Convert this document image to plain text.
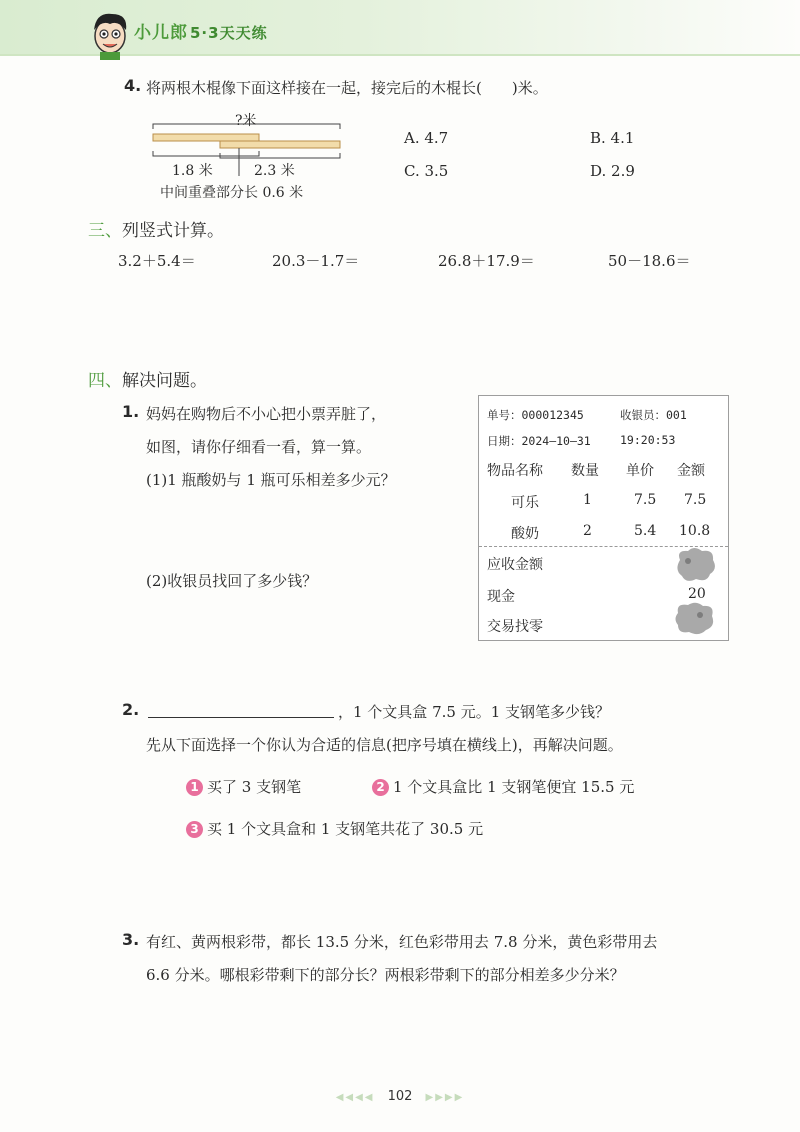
小儿郎 5·3天天练
4. 将两根木棍像下面这样接在一起，接完后的木棍长(　　)米。
?米
1.8 米	2.3 米
中间重叠部分长 0.6 米
A. 4.7	B. 4.1
C. 3.5	D. 2.9
三、列竖式计算。
3.2＋5.4＝	20.3－1.7＝	26.8＋17.9＝	50－18.6＝
四、解决问题。
1. 妈妈在购物后不小心把小票弄脏了，
如图，请你仔细看一看，算一算。
(1)1 瓶酸奶与 1 瓶可乐相差多少元？
(2)收银员找回了多少钱？
单号：000012345	收银员：001
日期：2024—10—31	19:20:53
物品名称 数量 单价 金额
可乐	1	7.5 7.5
酸奶	2	5.4 10.8
应收金额
现金	20
交易找零
2.	，1 个文具盒 7.5 元。1 支钢笔多少钱？
先从下面选择一个你认为合适的信息(把序号填在横线上)，再解决问题。
1 买了 3 支钢笔	2 1 个文具盒比 1 支钢笔便宜 15.5 元
3 买 1 个文具盒和 1 支钢笔共花了 30.5 元
3. 有红、黄两根彩带，都长 13.5 分米，红色彩带用去 7.8 分米，黄色彩带用去
6.6 分米。哪根彩带剩下的部分长？两根彩带剩下的部分相差多少分米？
◀◀◀◀ 102 ▶▶▶▶
